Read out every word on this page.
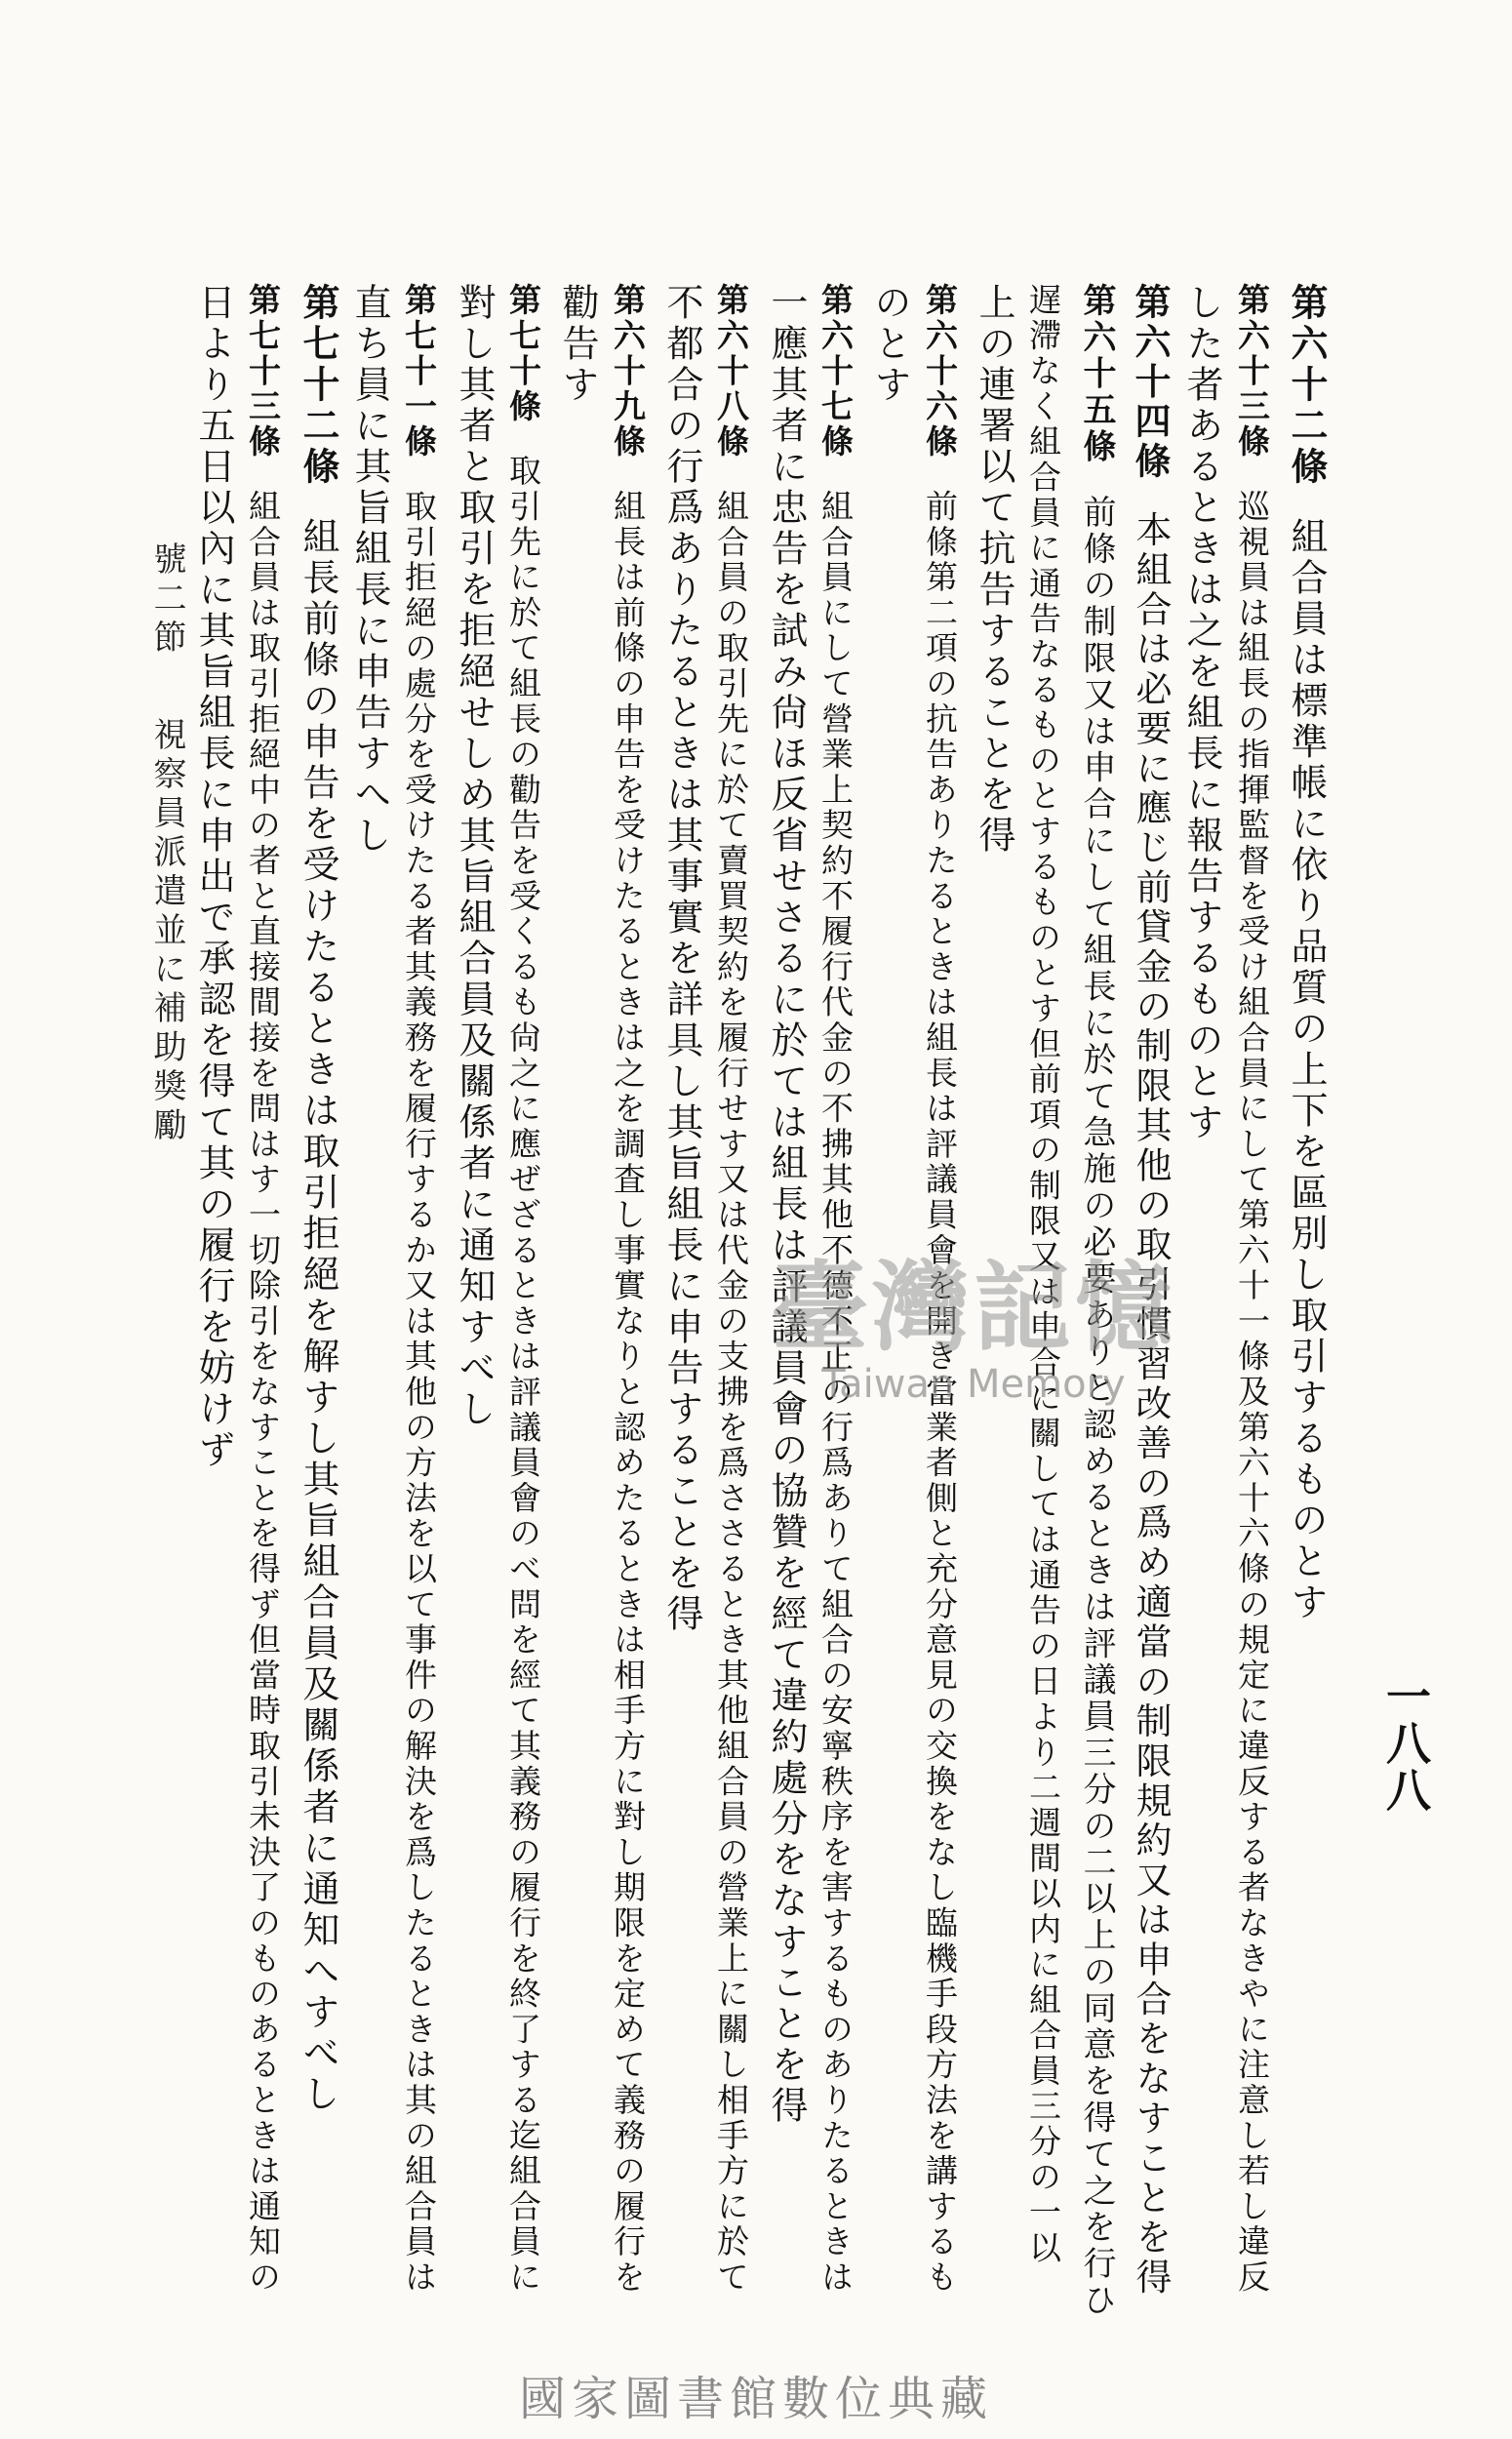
一八八
第六十二條組合員は標準帳に依り品質の上下を區別し取引するものとす
第六十三條巡視員は組長の指揮監督を受け組合員にして第六十一條及第六十六條の規定に違反する者なきやに注意し若し違反
した者あるときは之を組長に報告するものとす
第六十四條本組合は必要に應じ前貸金の制限其他の取引慣習改善の爲め適當の制限規約又は申合をなすことを得
第六十五條前條の制限又は申合にして組長に於て急施の必要ありと認めるときは評議員三分の二以上の同意を得て之を行ひ
遅滯なく組合員に通告なるものとするものとす但前項の制限又は申合に關しては通告の日より二週間以内に組合員三分の一以
上の連署以て抗告することを得
第六十六條前條第二項の抗告ありたるときは組長は評議員會を開き當業者側と充分意見の交換をなし臨機手段方法を講するも
のとす
第六十七條組合員にして營業上契約不履行代金の不拂其他不德不正の行爲ありて組合の安寧秩序を害するものありたるときは
一應其者に忠告を試み尙ほ反省せさるに於ては組長は評議員會の協贊を經て違約處分をなすことを得
第六十八條組合員の取引先に於て賣買契約を履行せす又は代金の支拂を爲ささるとき其他組合員の營業上に關し相手方に於て
不都合の行爲ありたるときは其事實を詳具し其旨組長に申告することを得
第六十九條組長は前條の申告を受けたるときは之を調査し事實なりと認めたるときは相手方に對し期限を定めて義務の履行を
勸告す
第七十條取引先に於て組長の勸告を受くるも尙之に應ぜざるときは評議員會のべ問を經て其義務の履行を終了する迄組合員に
對し其者と取引を拒絕せしめ其旨組合員及關係者に通知すべし
第七十一條取引拒絕の處分を受けたる者其義務を履行するか又は其他の方法を以て事件の解決を爲したるときは其の組合員は
直ち員に其旨組長に申告すへし
第七十二條組長前條の申告を受けたるときは取引拒絕を解すし其旨組合員及關係者に通知へすべし
第七十三條組合員は取引拒絕中の者と直接間接を問はす一切除引をなすことを得ず但當時取引未決了のものあるときは通知の
日より五日以內に其旨組長に申出で承認を得て其の履行を妨けず
號二節視察員派遣並に補助獎勵
臺灣記憶
Taiwan Memory
國家圖書館數位典藏
